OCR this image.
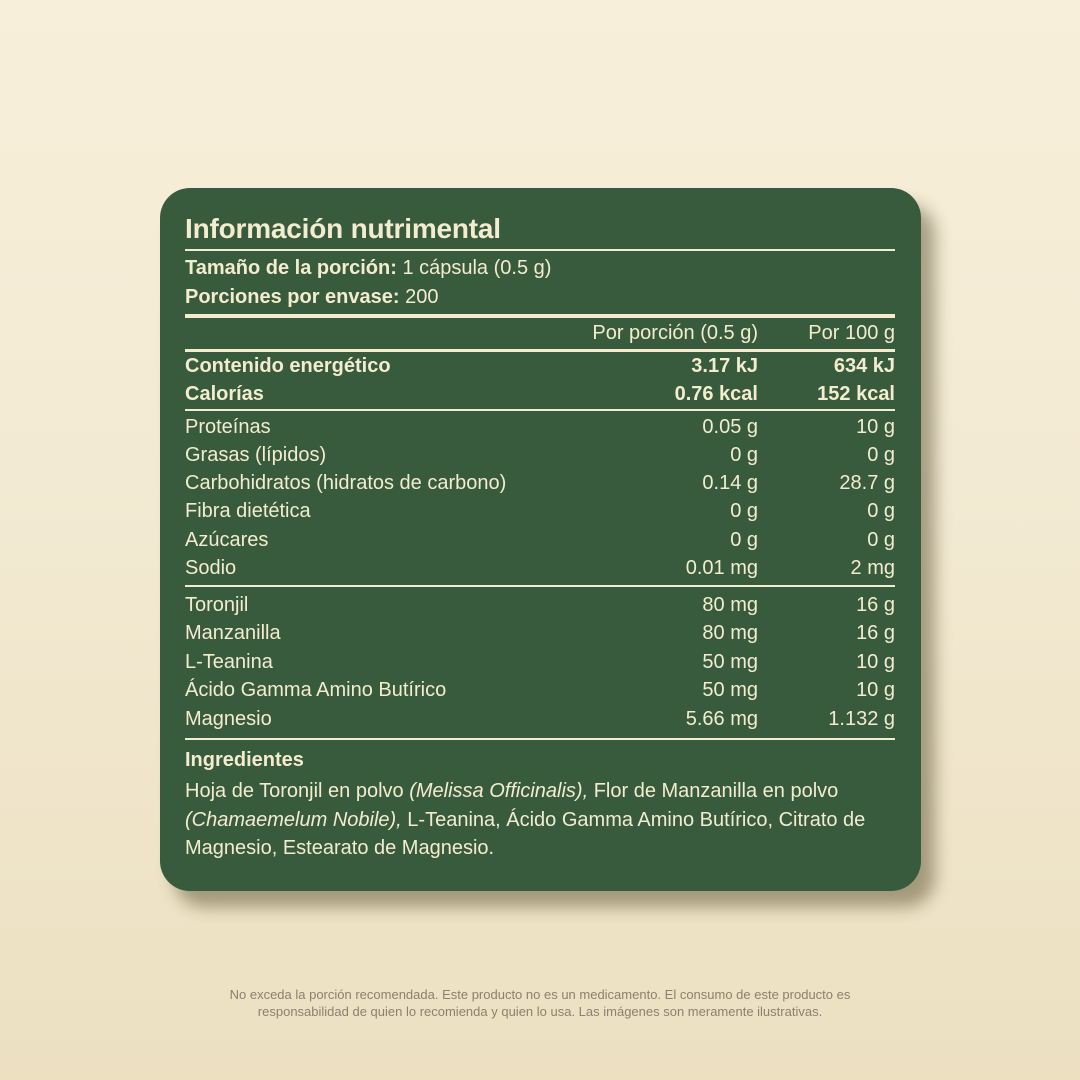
Información nutrimental
Tamaño de la porción: 1 cápsula (0.5 g)
Porciones por envase: 200
Por porción (0.5 g)	Por 100 g
Contenido energético	3.17 kJ	634 kJ
Calorías	0.76 kcal	152 kcal
Proteínas	0.05 g	10 g
Grasas (lípidos)	0 g	0 g
Carbohidratos (hidratos de carbono)	0.14 g	28.7 g
Fibra dietética	0 g	0 g
Azúcares	0 g	0 g
Sodio	0.01 mg	2 mg
Toronjil	80 mg	16 g
Manzanilla	80 mg	16 g
L-Teanina	50 mg	10 g
Ácido Gamma Amino Butírico	50 mg	10 g
Magnesio	5.66 mg	1.132 g
Ingredientes
Hoja de Toronjil en polvo (Melissa Officinalis), Flor de Manzanilla en polvo (Chamaemelum Nobile), L-Teanina, Ácido Gamma Amino Butírico, Citrato de Magnesio, Estearato de Magnesio.
No exceda la porción recomendada. Este producto no es un medicamento. El consumo de este producto es
responsabilidad de quien lo recomienda y quien lo usa. Las imágenes son meramente ilustrativas.
